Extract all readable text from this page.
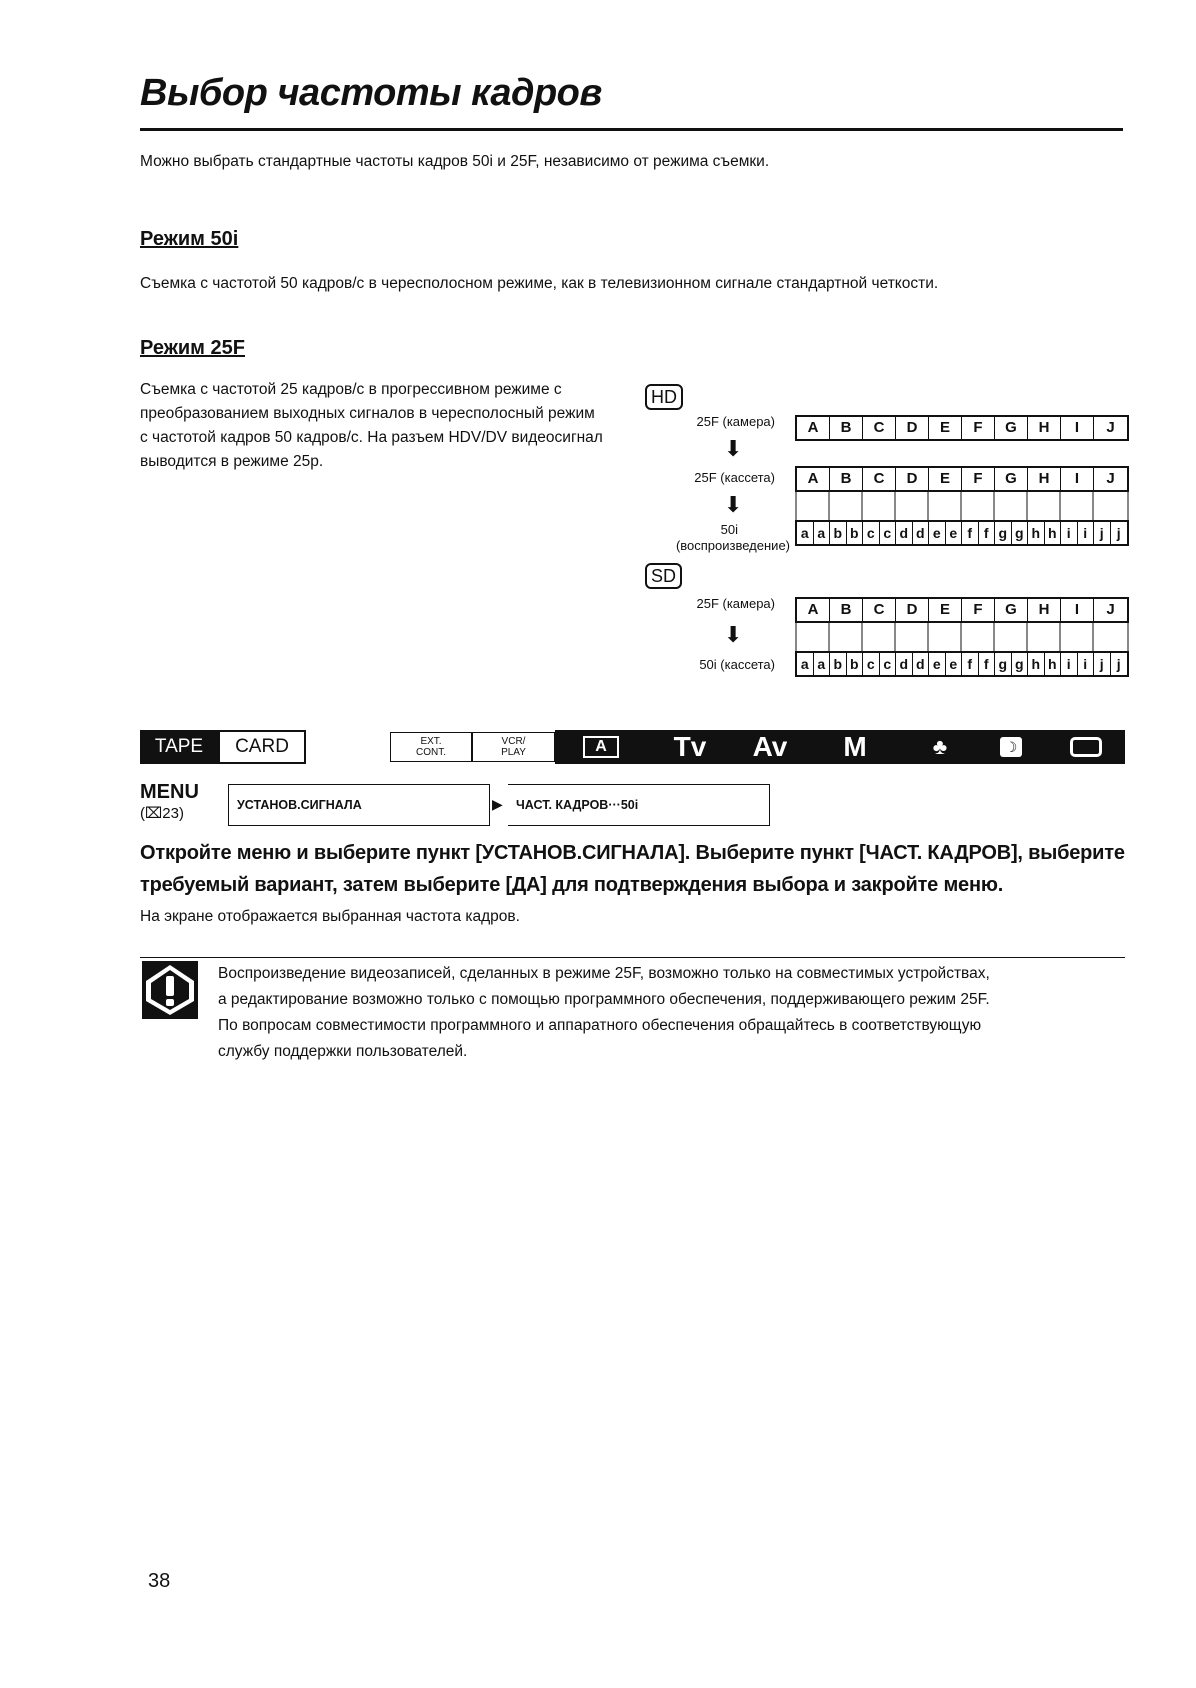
Выбор частоты кадров
Можно выбрать стандартные частоты кадров 50i и 25F, независимо от режима съемки.
Режим 50i
Съемка с частотой 50 кадров/с в чересполосном режиме, как в телевизионном сигнале стандартной четкости.
Режим 25F
Съемка с частотой 25 кадров/с в прогрессивном режиме с
преобразованием выходных сигналов в чересполосный режим
с частотой кадров 50 кадров/с. На разъем HDV/DV видеосигнал
выводится в режиме 25p.
HD
25F (камера)	A	B	C	D	E	F	G	H	I	J
⬇
25F (кассета)	A	B	C	D	E	F	G	H	I	J
⬇
50i
(воспроизведение)
a a b b c c d d e e f f g g h h i i j j
SD
25F (камера)	A	B	C	D	E	F	G	H	I	J
⬇
50i (кассета) a a b b c c d d e e f f g g h h i i j j
TAPE	CARD	EXT.
CONT.
VCR/
PLAY	A	Tv	Av	M	♣	☽
MENU
(⌧23)	УСТАНОВ.СИГНАЛА	▶	ЧАСТ. КАДРОВ···50i
Откройте меню и выберите пункт [УСТАНОВ.СИГНАЛА]. Выберите пункт [ЧАСТ. КАДРОВ], выберите
требуемый вариант, затем выберите [ДА] для подтверждения выбора и закройте меню.
На экране отображается выбранная частота кадров.
Воспроизведение видеозаписей, сделанных в режиме 25F, возможно только на совместимых устройствах,
а редактирование возможно только с помощью программного обеспечения, поддерживающего режим 25F.
По вопросам совместимости программного и аппаратного обеспечения обращайтесь в соответствующую
службу поддержки пользователей.
38
